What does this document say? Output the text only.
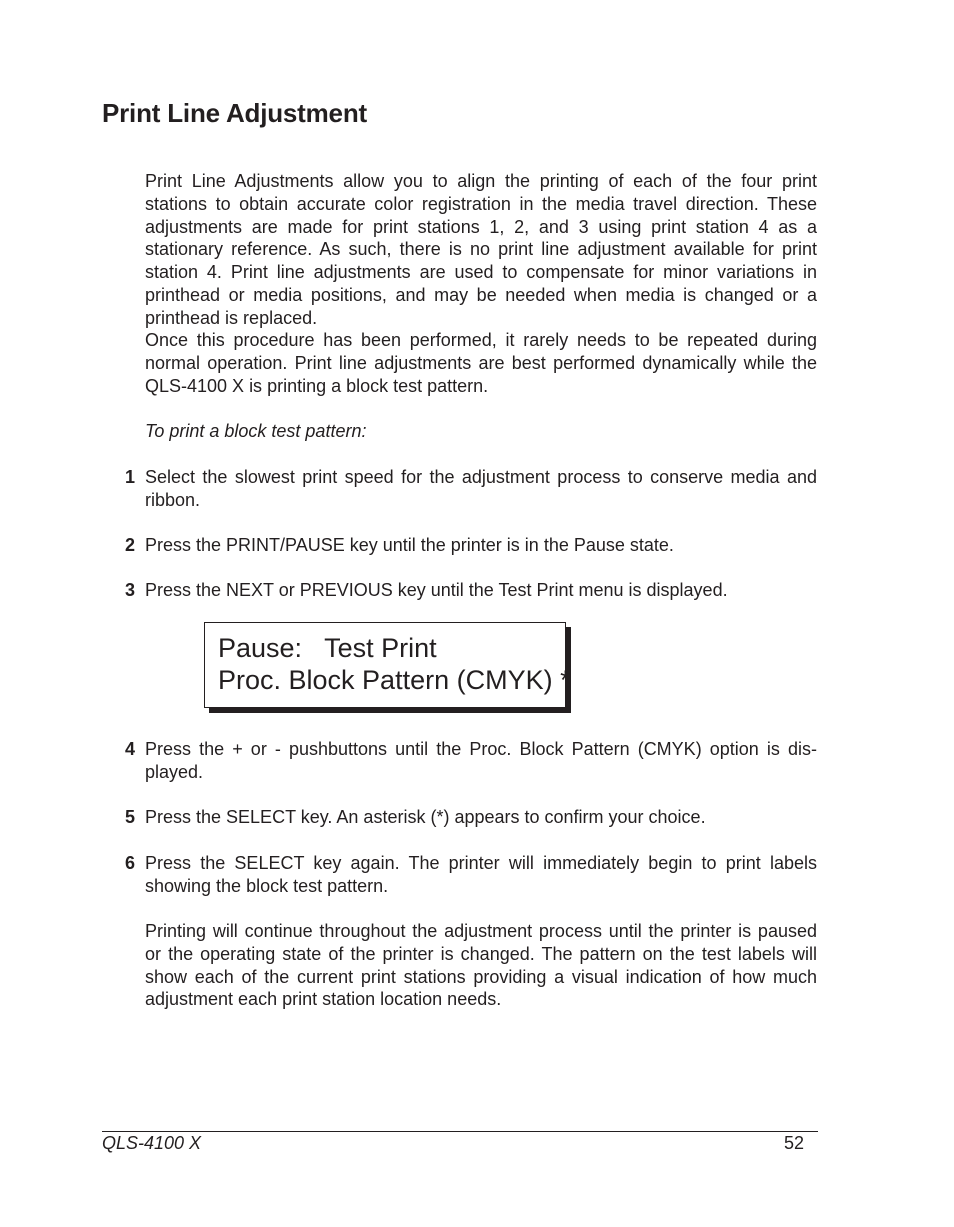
Print Line Adjustment

Print Line Adjustments allow you to align the printing of each of the four print stations to obtain accurate color registration in the media travel direction. These adjustments are made for print stations 1, 2, and 3 using print station 4 as a stationary reference. As such, there is no print line adjustment available for print station 4. Print line adjustments are used to compensate for minor variations in printhead or media positions, and may be needed when media is changed or a printhead is replaced.

Once this procedure has been performed, it rarely needs to be repeated during normal operation. Print line adjustments are best performed dynamically while the QLS-4100 X is printing a block test pattern.

To print a block test pattern:

1 Select the slowest print speed for the adjustment process to conserve media and ribbon.

2 Press the PRINT/PAUSE key until the printer is in the Pause state.

3 Press the NEXT or PREVIOUS key until the Test Print menu is displayed.

Pause:   Test Print
Proc. Block Pattern (CMYK) *
4 Press the + or - pushbuttons until the Proc. Block Pattern (CMYK) option is dis-played.

5 Press the SELECT key. An asterisk (*) appears to confirm your choice.

6 Press the SELECT key again. The printer will immediately begin to print labels showing the block test pattern.

Printing will continue throughout the adjustment process until the printer is paused or the operating state of the printer is changed. The pattern on the test labels will show each of the current print stations providing a visual indication of how much adjustment each print station location needs.

QLS-4100 X	52
